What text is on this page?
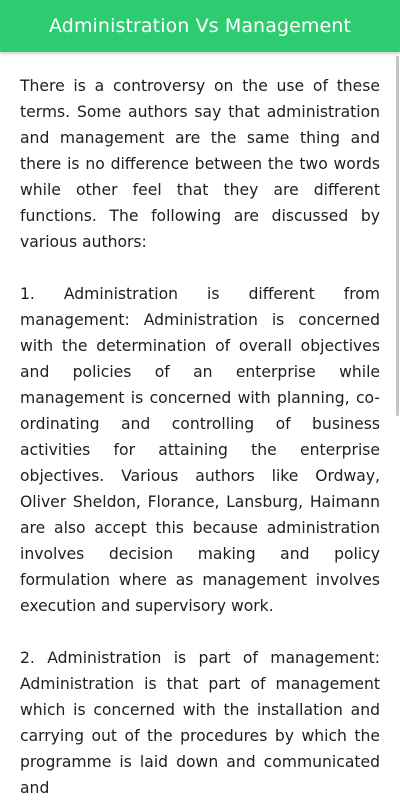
Administration Vs Management

There is a controversy on the use of these terms. Some authors say that administration and management are the same thing and there is no difference between the two words while other feel that they are different functions. The following are discussed by various authors:

1. Administration is different from management: Administration is concerned with the determination of overall objectives and policies of an enterprise while management is concerned with planning, co-ordinating and controlling of business activities for attaining the enterprise objectives. Various authors like Ordway, Oliver Sheldon, Florance, Lansburg, Haimann are also accept this because administration involves decision making and policy formulation where as management involves execution and supervisory work.

2. Administration is part of management: Administration is that part of management which is concerned with the installation and carrying out of the procedures by which the programme is laid down and communicated and
